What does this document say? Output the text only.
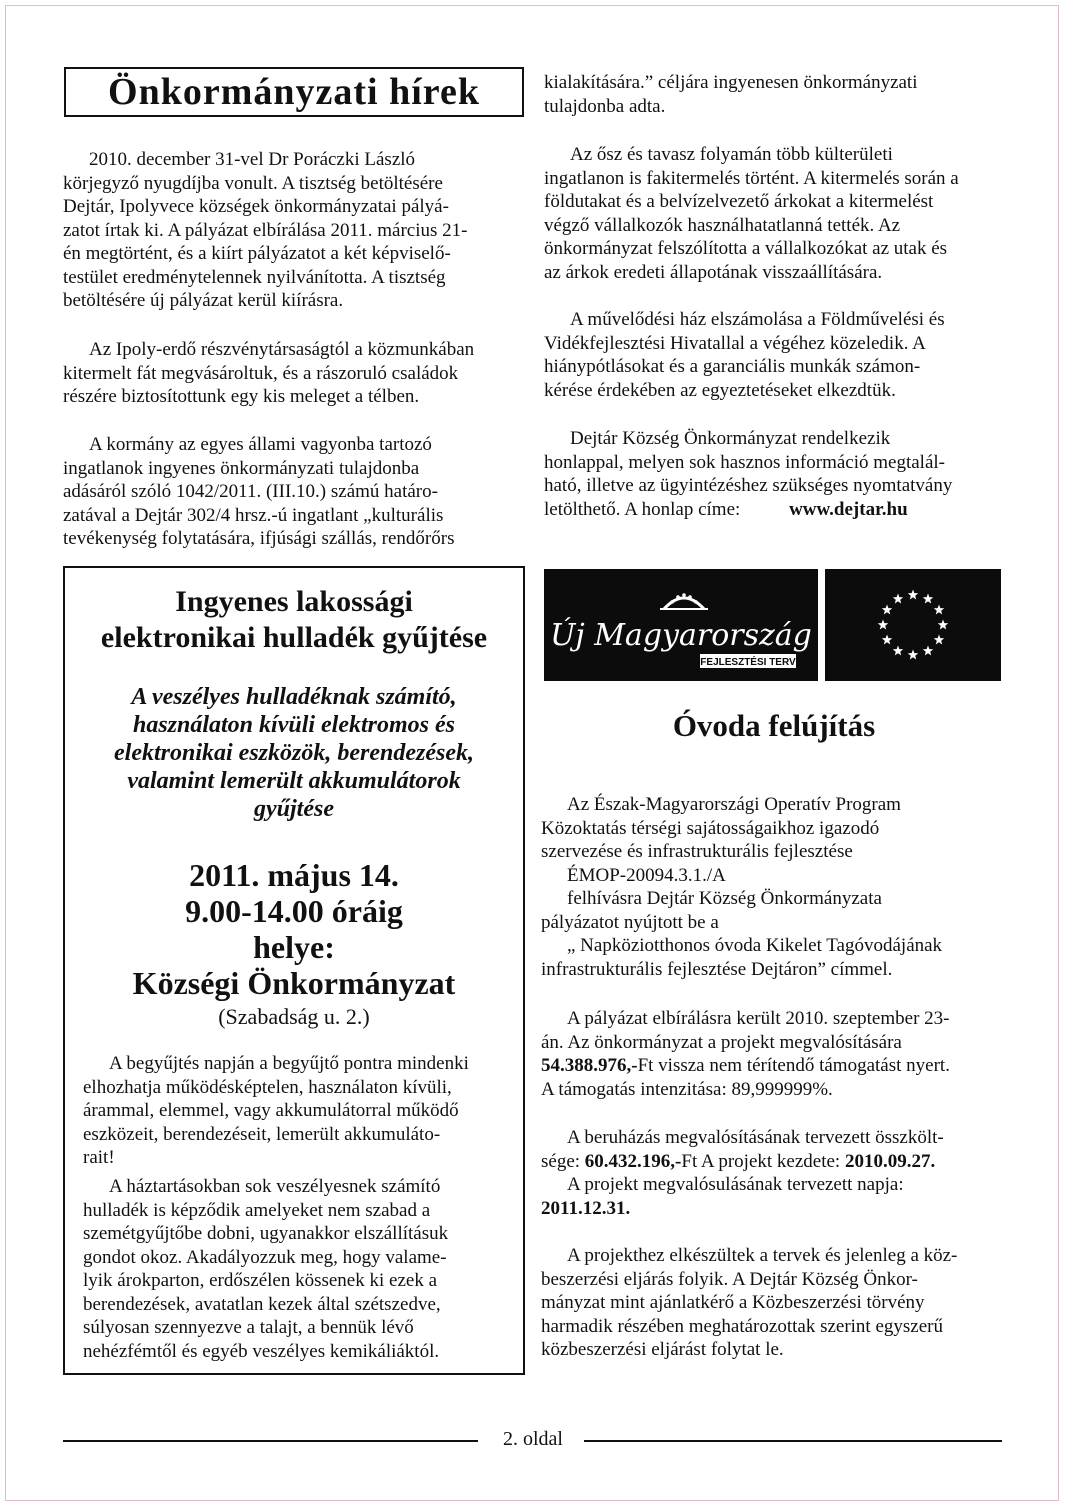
Önkormányzati hírek
2010. december 31-vel Dr Poráczki László
körjegyző nyugdíjba vonult. A tisztség betöltésére
Dejtár, Ipolyvece községek önkormányzatai pályá-
zatot írtak ki. A pályázat elbírálása 2011. március 21-
én megtörtént, és a kiírt pályázatot a két képviselő-
testület eredménytelennek nyilvánította. A tisztség
betöltésére új pályázat kerül kiírásra.
Az Ipoly-erdő részvénytársaságtól a közmunkában
kitermelt fát megvásároltuk, és a rászoruló családok
részére biztosítottunk egy kis meleget a télben.
A kormány az egyes állami vagyonba tartozó
ingatlanok ingyenes önkormányzati tulajdonba
adásáról szóló 1042/2011. (III.10.) számú határo-
zatával a Dejtár 302/4 hrsz.-ú ingatlant „kulturális
tevékenység folytatására, ifjúsági szállás, rendőrőrs
kialakítására.” céljára ingyenesen önkormányzati
tulajdonba adta.
Az ősz és tavasz folyamán több külterületi
ingatlanon is fakitermelés történt. A kitermelés során a
földutakat és a belvízelvezető árkokat a kitermelést
végző vállalkozók használhatatlanná tették. Az
önkormányzat felszólította a vállalkozókat az utak és
az árkok eredeti állapotának visszaállítására.
A művelődési ház elszámolása a Földművelési és
Vidékfejlesztési Hivatallal a végéhez közeledik. A
hiánypótlásokat és a garanciális munkák számon-
kérése érdekében az egyeztetéseket elkezdtük.
Dejtár Község Önkormányzat rendelkezik
honlappal, melyen sok hasznos információ megtalál-
ható, illetve az ügyintézéshez szükséges nyomtatvány
letölthető. A honlap címe:	www.dejtar.hu
Ingyenes lakossági
elektronikai hulladék gyűjtése
A veszélyes hulladéknak számító,
használaton kívüli elektromos és
elektronikai eszközök, berendezések,
valamint lemerült akkumulátorok
gyűjtése
2011. május 14.
9.00-14.00 óráig
helye:
Községi Önkormányzat
(Szabadság u. 2.)
A begyűjtés napján a begyűjtő pontra mindenki
elhozhatja működésképtelen, használaton kívüli,
árammal, elemmel, vagy akkumulátorral működő
eszközeit, berendezéseit, lemerült akkumuláto-
rait!
A háztartásokban sok veszélyesnek számító
hulladék is képződik amelyeket nem szabad a
szemétgyűjtőbe dobni, ugyanakkor elszállításuk
gondot okoz. Akadályozzuk meg, hogy valame-
lyik árokparton, erdőszélen kössenek ki ezek a
berendezések, avatatlan kezek által szétszedve,
súlyosan szennyezve a talajt, a bennük lévő
nehézfémtől és egyéb veszélyes kemikáliáktól.
Új Magyarország
FEJLESZTÉSI TERV
Óvoda felújítás
Az Észak-Magyarországi Operatív Program
Közoktatás térségi sajátosságaikhoz igazodó
szervezése és infrastrukturális fejlesztése
ÉMOP-20094.3.1./A
felhívásra Dejtár Község Önkormányzata
pályázatot nyújtott be a
„ Napköziotthonos óvoda Kikelet Tagóvodájának
infrastrukturális fejlesztése Dejtáron” címmel.
A pályázat elbírálásra került 2010. szeptember 23-
án. Az önkormányzat a projekt megvalósítására
54.388.976,-Ft vissza nem térítendő támogatást nyert.
A támogatás intenzitása: 89,999999%.
A beruházás megvalósításának tervezett összkölt-
sége: 60.432.196,-Ft A projekt kezdete: 2010.09.27.
A projekt megvalósulásának tervezett napja:
2011.12.31.
A projekthez elkészültek a tervek és jelenleg a köz-
beszerzési eljárás folyik. A Dejtár Község Önkor-
mányzat mint ajánlatkérő a Közbeszerzési törvény
harmadik részében meghatározottak szerint egyszerű
közbeszerzési eljárást folytat le.
2. oldal
